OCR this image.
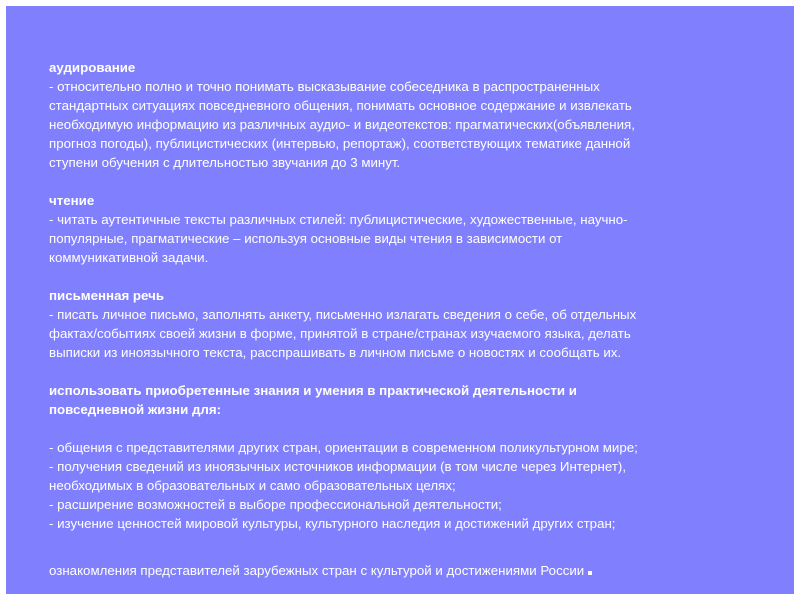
аудирование
- относительно полно и точно понимать высказывание собеседника в распространенных
стандартных ситуациях повседневного общения, понимать основное содержание и извлекать
необходимую информацию из различных аудио- и видеотекстов: прагматических(объявления,
прогноз погоды), публицистических (интервью, репортаж), соответствующих тематике данной
ступени обучения с длительностью звучания до 3 минут.
чтение
- читать аутентичные тексты различных стилей: публицистические, художественные, научно-
популярные, прагматические – используя основные виды чтения в зависимости от
коммуникативной задачи.
письменная речь
- писать личное письмо, заполнять анкету, письменно излагать сведения о себе, об отдельных
фактах/событиях своей жизни в форме, принятой в стране/странах изучаемого языка, делать
выписки из иноязычного текста, расспрашивать в личном письме о новостях и сообщать их.
использовать приобретенные знания и умения в практической деятельности и
повседневной жизни для:
- общения с представителями других стран, ориентации в современном поликультурном мире;
- получения сведений из иноязычных источников информации (в том числе через Интернет),
необходимых в образовательных и само образовательных целях;
- расширение возможностей в выборе профессиональной деятельности;
- изучение ценностей мировой культуры, культурного наследия и достижений других стран;
ознакомления представителей зарубежных стран с культурой и достижениями России
